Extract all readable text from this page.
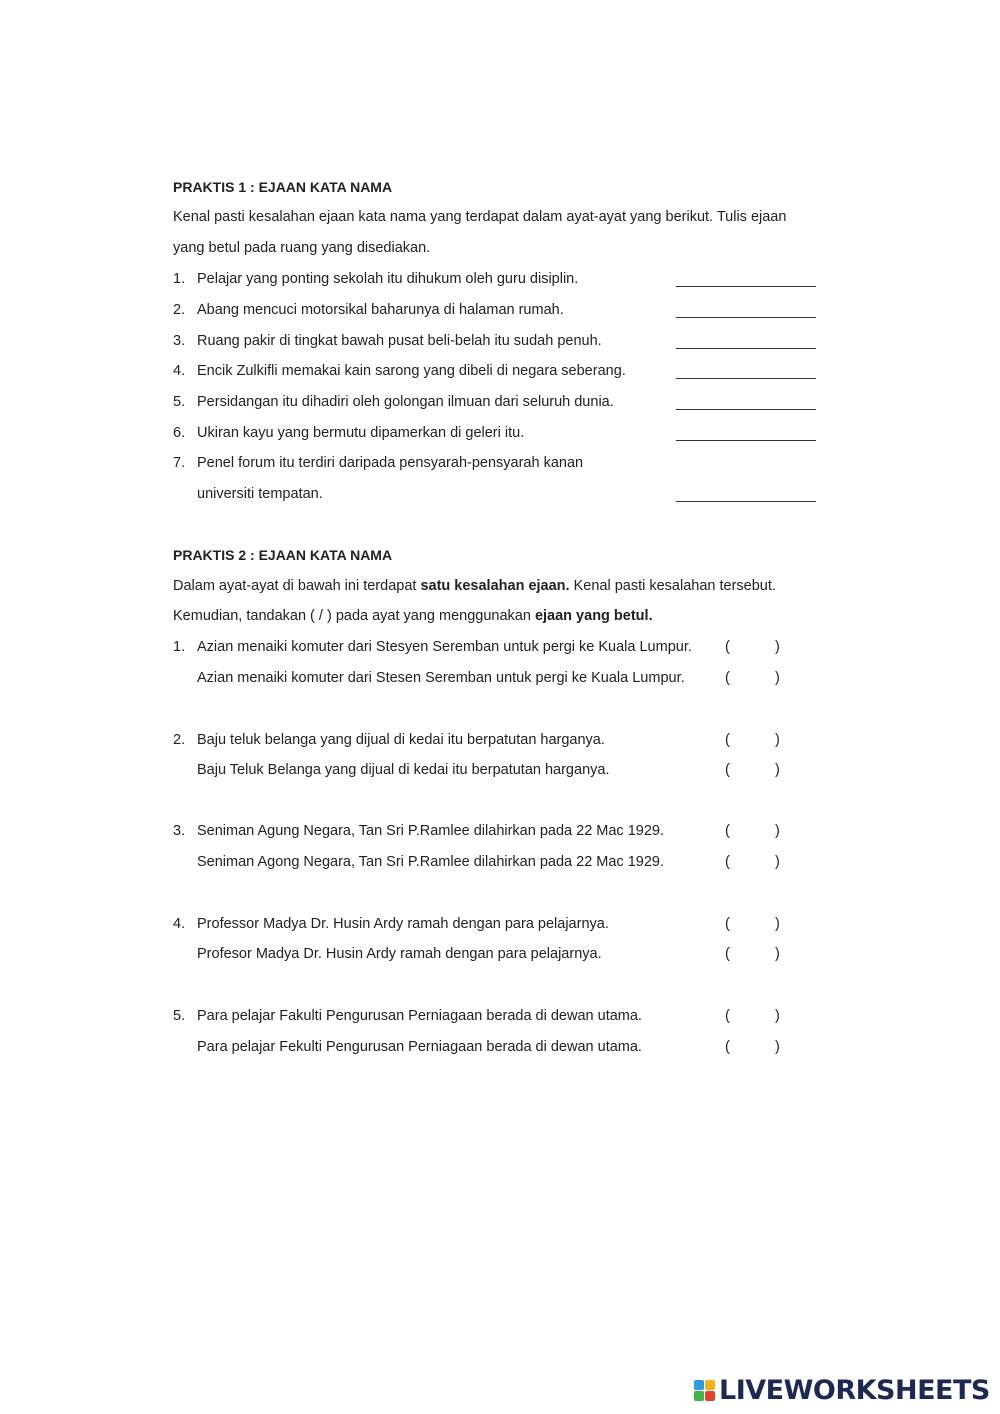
PRAKTIS 1 : EJAAN KATA NAMA
Kenal pasti kesalahan ejaan kata nama yang terdapat dalam ayat-ayat yang berikut. Tulis ejaan
yang betul pada ruang yang disediakan.
1. Pelajar yang ponting sekolah itu dihukum oleh guru disiplin.
2. Abang mencuci motorsikal baharunya di halaman rumah.
3. Ruang pakir di tingkat bawah pusat beli-belah itu sudah penuh.
4. Encik Zulkifli memakai kain sarong yang dibeli di negara seberang.
5. Persidangan itu dihadiri oleh golongan ilmuan dari seluruh dunia.
6. Ukiran kayu yang bermutu dipamerkan di geleri itu.
7. Penel forum itu terdiri daripada pensyarah-pensyarah kanan
universiti tempatan.
PRAKTIS 2 : EJAAN KATA NAMA
Dalam ayat-ayat di bawah ini terdapat satu kesalahan ejaan. Kenal pasti kesalahan tersebut.
Kemudian, tandakan ( / ) pada ayat yang menggunakan ejaan yang betul.
1. Azian menaiki komuter dari Stesyen Seremban untuk pergi ke Kuala Lumpur. (	)
Azian menaiki komuter dari Stesen Seremban untuk pergi ke Kuala Lumpur.	(	)
2. Baju teluk belanga yang dijual di kedai itu berpatutan harganya.	(	)
Baju Teluk Belanga yang dijual di kedai itu berpatutan harganya.	(	)
3. Seniman Agung Negara, Tan Sri P.Ramlee dilahirkan pada 22 Mac 1929.	(	)
Seniman Agong Negara, Tan Sri P.Ramlee dilahirkan pada 22 Mac 1929.	(	)
4. Professor Madya Dr. Husin Ardy ramah dengan para pelajarnya.	(	)
Profesor Madya Dr. Husin Ardy ramah dengan para pelajarnya.	(	)
5. Para pelajar Fakulti Pengurusan Perniagaan berada di dewan utama.	(	)
Para pelajar Fekulti Pengurusan Perniagaan berada di dewan utama.	(	)
LIVEWORKSHEETS
